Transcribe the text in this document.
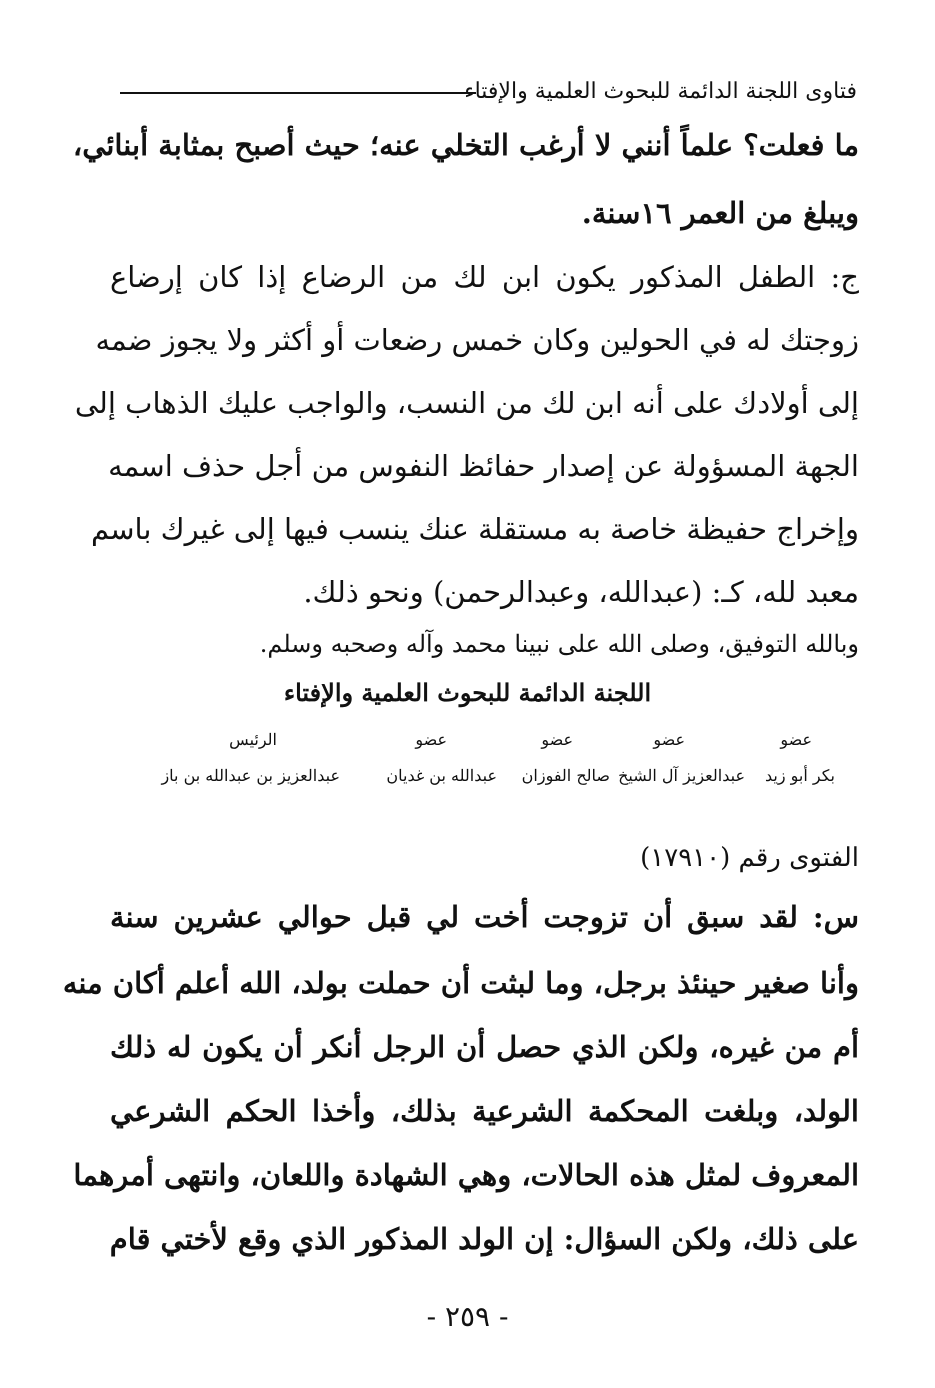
فتاوى اللجنة الدائمة للبحوث العلمية والإفتاء
ما فعلت؟ علماً أنني لا أرغب التخلي عنه؛ حيث أصبح بمثابة أبنائي،
ويبلغ من العمر ١٦سنة.
ج: الطفل المذكور يكون ابن لك من الرضاع إذا كان إرضاع
زوجتك له في الحولين وكان خمس رضعات أو أكثر ولا يجوز ضمه
إلى أولادك على أنه ابن لك من النسب، والواجب عليك الذهاب إلى
الجهة المسؤولة عن إصدار حفائظ النفوس من أجل حذف اسمه
وإخراج حفيظة خاصة به مستقلة عنك ينسب فيها إلى غيرك باسم
معبد لله، كـ: (عبدالله، وعبدالرحمن) ونحو ذلك.
وبالله التوفيق، وصلى الله على نبينا محمد وآله وصحبه وسلم.
اللجنة الدائمة للبحوث العلمية والإفتاء
عضو
عضو
عضو
عضو
الرئيس
بكر أبو زيد
عبدالعزيز آل الشيخ
صالح الفوزان
عبدالله بن غديان
عبدالعزيز بن عبدالله بن باز
الفتوى رقم (١٧٩١٠)
س: لقد سبق أن تزوجت أخت لي قبل حوالي عشرين سنة
وأنا صغير حينئذ برجل، وما لبثت أن حملت بولد، الله أعلم أكان منه
أم من غيره، ولكن الذي حصل أن الرجل أنكر أن يكون له ذلك
الولد، وبلغت المحكمة الشرعية بذلك، وأخذا الحكم الشرعي
المعروف لمثل هذه الحالات، وهي الشهادة واللعان، وانتهى أمرهما
على ذلك، ولكن السؤال: إن الولد المذكور الذي وقع لأختي قام
- ٢٥٩ -
